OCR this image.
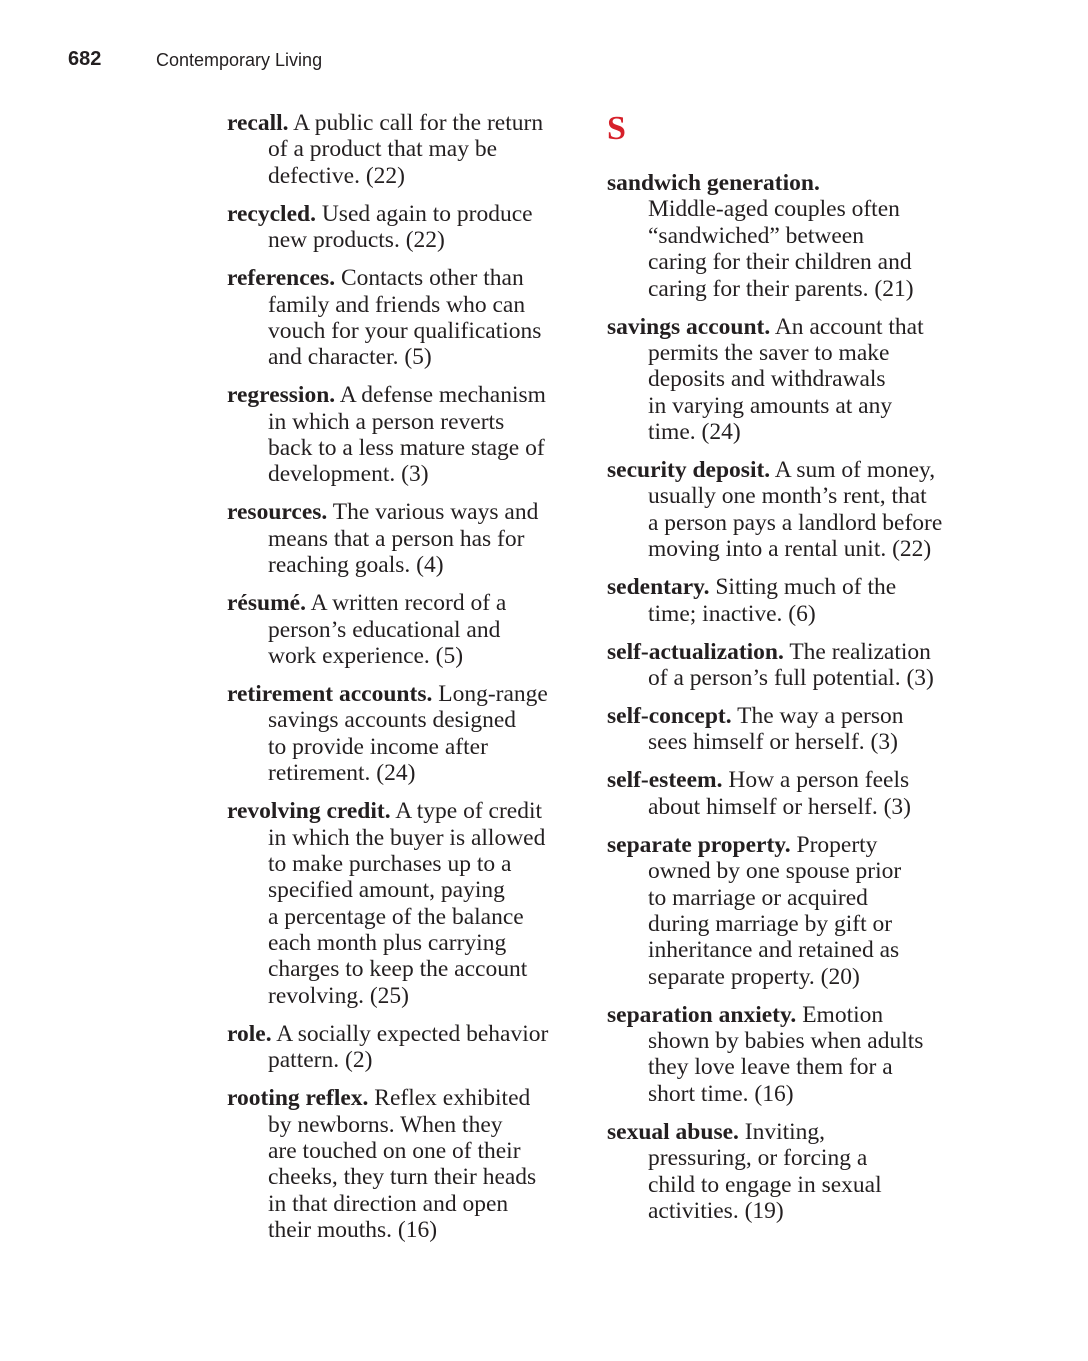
682	Contemporary Living
recall. A public call for the return
of a product that may be
defective. (22)
recycled. Used again to produce
new products. (22)
references. Contacts other than
family and friends who can
vouch for your qualifications
and character. (5)
regression. A defense mechanism
in which a person reverts
back to a less mature stage of
development. (3)
resources. The various ways and
means that a person has for
reaching goals. (4)
résumé. A written record of a
person’s educational and
work experience. (5)
retirement accounts. Long-range
savings accounts designed
to provide income after
retirement. (24)
revolving credit. A type of credit
in which the buyer is allowed
to make purchases up to a
specified amount, paying
a percentage of the balance
each month plus carrying
charges to keep the account
revolving. (25)
role. A socially expected behavior
pattern. (2)
rooting reflex. Reflex exhibited
by newborns. When they
are touched on one of their
cheeks, they turn their heads
in that direction and open
their mouths. (16)
S
sandwich generation.
Middle-aged couples often
“sandwiched” between
caring for their children and
caring for their parents. (21)
savings account. An account that
permits the saver to make
deposits and withdrawals
in varying amounts at any
time. (24)
security deposit. A sum of money,
usually one month’s rent, that
a person pays a landlord before
moving into a rental unit. (22)
sedentary. Sitting much of the
time; inactive. (6)
self-actualization. The realization
of a person’s full potential. (3)
self-concept. The way a person
sees himself or herself. (3)
self-esteem. How a person feels
about himself or herself. (3)
separate property. Property
owned by one spouse prior
to marriage or acquired
during marriage by gift or
inheritance and retained as
separate property. (20)
separation anxiety. Emotion
shown by babies when adults
they love leave them for a
short time. (16)
sexual abuse. Inviting,
pressuring, or forcing a
child to engage in sexual
activities. (19)
